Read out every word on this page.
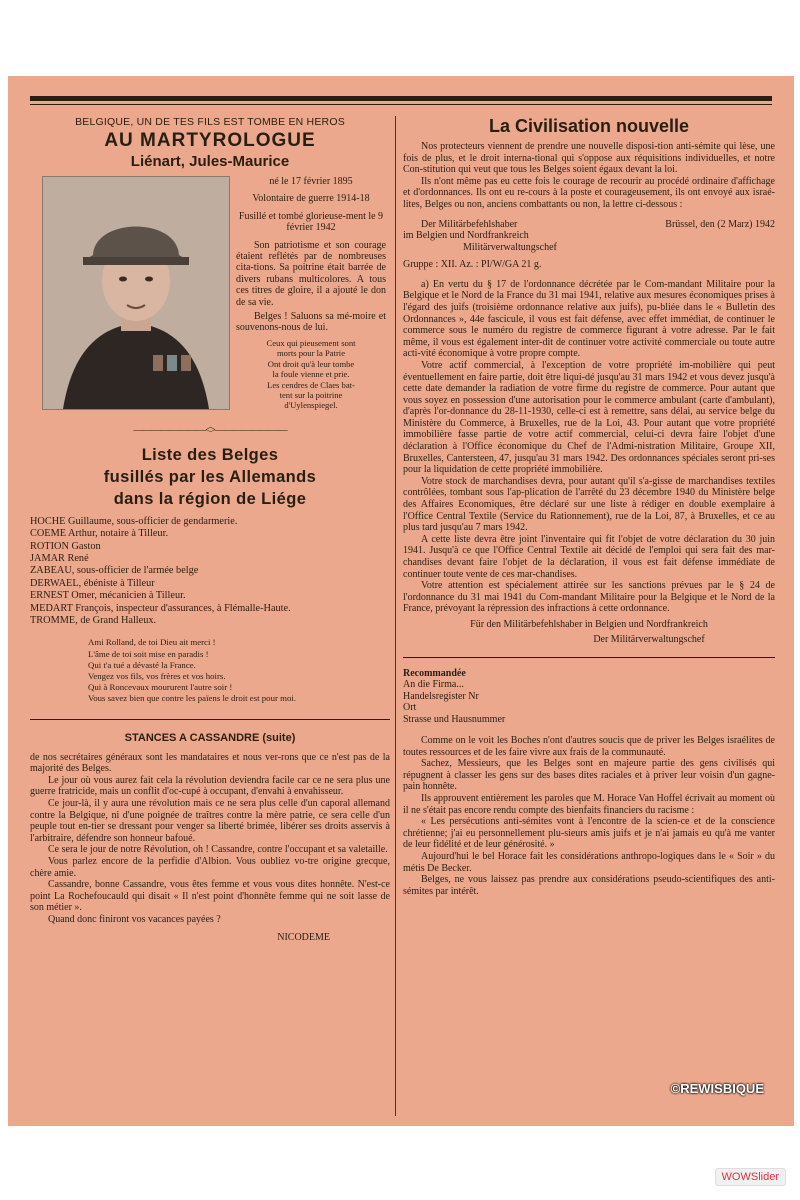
BELGIQUE, UN DE TES FILS EST TOMBE EN HEROS
AU MARTYROLOGUE
Liénart, Jules-Maurice

né le 17 février 1895

Volontaire de guerre 1914-18

Fusillé et tombé glorieuse-ment le 9 février 1942

Son patriotisme et son courage étaient reflétés par de nombreuses cita-tions. Sa poitrine était barrée de divers rubans multicolores. A tous ces titres de gloire, il a ajouté le don de sa vie.

Belges ! Saluons sa mé-moire et souvenons-nous de lui.

Ceux qui pieusement sont
morts pour la Patrie
Ont droit qu'à leur tombe
la foule vienne et prie.
Les cendres de Claes bat-
tent sur la poitrine
d'Uylenspiegel.
————————<>————————
Liste des Belges
fusillés par les Allemands
dans la région de Liége
HOCHE Guillaume, sous-officier de gendarmerie.
COEME Arthur, notaire à Tilleur.
ROTION Gaston
JAMAR René
ZABEAU, sous-officier de l'armée belge
DERWAEL, ébéniste à Tilleur
ERNEST Omer, mécanicien à Tilleur.
MEDART François, inspecteur d'assurances, à Flémalle-Haute.
TROMME, de Grand Halleux.
Ami Rolland, de toi Dieu ait merci !
L'âme de toi soit mise en paradis !
Qui t'a tué a dévasté la France.
Vengez vos fils, vos frères et vos hoirs.
Qui à Roncevaux moururent l'autre soir !
Vous savez bien que contre les païens le droit est pour moi.
STANCES A CASSANDRE (suite)

de nos secrétaires généraux sont les mandataires et nous ver-rons que ce n'est pas de la majorité des Belges.

Le jour où vous aurez fait cela la révolution deviendra facile car ce ne sera plus une guerre fratricide, mais un conflit d'oc-cupé à occupant, d'envahi à envahisseur.

Ce jour-là, il y aura une révolution mais ce ne sera plus celle d'un caporal allemand contre la Belgique, ni d'une poignée de traîtres contre la mère patrie, ce sera celle d'un peuple tout en-tier se dressant pour venger sa liberté brimée, libérer ses droits asservis à l'arbitraire, défendre son honneur bafoué.

Ce sera le jour de notre Révolution, oh ! Cassandre, contre l'occupant et sa valetaille.

Vous parlez encore de la perfidie d'Albion. Vous oubliez vo-tre origine grecque, chère amie.

Cassandre, bonne Cassandre, vous êtes femme et vous vous dites honnête. N'est-ce point La Rochefoucauld qui disait « Il n'est point d'honnête femme qui ne soit lasse de son métier ».

Quand donc finiront vos vacances payées ?

NICODEME
La Civilisation nouvelle

Nos protecteurs viennent de prendre une nouvelle disposi-tion anti-sémite qui lèse, une fois de plus, et le droit interna-tional qui s'oppose aux réquisitions individuelles, et notre Con-stitution qui veut que tous les Belges soient égaux devant la loi.

Ils n'ont même pas eu cette fois le courage de recourir au procédé ordinaire d'affichage et d'ordonnances. Ils ont eu re-cours à la poste et courageusement, ils ont envoyé aux israé-lites, Belges ou non, anciens combattants ou non, la lettre ci-dessous :

Der Militärbefehlshaber	Brüssel, den (2 Marz) 1942
im Belgien und Nordfrankreich
Militärverwaltungschef
Gruppe : XII. Az. : PI/W/GA 21 g.

a) En vertu du § 17 de l'ordonnance décrétée par le Com-mandant Militaire pour la Belgique et le Nord de la France du 31 mai 1941, relative aux mesures économiques prises à l'égard des juifs (troisième ordonnance relative aux juifs), pu-bliée dans le « Bulletin des Ordonnances », 44e fascicule, il vous est fait défense, avec effet immédiat, de continuer le commerce sous le numéro du registre de commerce figurant à votre adresse. Par le fait même, il vous est également inter-dit de continuer votre activité commerciale ou toute autre acti-vité économique à votre propre compte.

Votre actif commercial, à l'exception de votre propriété im-mobilière qui peut éventuellement en faire partie, doit être liqui-dé jusqu'au 31 mars 1942 et vous devez jusqu'à cette date demander la radiation de votre firme du registre de commerce. Pour autant que vous soyez en possession d'une autorisation pour le commerce ambulant (carte d'ambulant), d'après l'or-donnance du 28-11-1930, celle-ci est à remettre, sans délai, au service belge du Ministère du Commerce, à Bruxelles, rue de la Loi, 43. Pour autant que votre propriété immobilière fasse partie de votre actif commercial, celui-ci devra faire l'objet d'une déclaration à l'Office économique du Chef de l'Admi-nistration Militaire, Groupe XII, Bruxelles, Cantersteen, 47, jusqu'au 31 mars 1942. Des ordonnances spéciales seront pri-ses pour la liquidation de cette propriété immobilière.

Votre stock de marchandises devra, pour autant qu'il s'a-gisse de marchandises textiles contrôlées, tombant sous l'ap-plication de l'arrêté du 23 décembre 1940 du Ministère belge des Affaires Economiques, être déclaré sur une liste à rédiger en double exemplaire à l'Office Central Textile (Service du Rationnement), rue de la Loi, 87, à Bruxelles, et ce au plus tard jusqu'au 7 mars 1942.

A cette liste devra être joint l'inventaire qui fit l'objet de votre déclaration du 30 juin 1941. Jusqu'à ce que l'Office Central Textile ait décidé de l'emploi qui sera fait des mar-chandises devant faire l'objet de la déclaration, il vous est fait défense immédiate de continuer toute vente de ces mar-chandises.

Votre attention est spécialement attirée sur les sanctions prévues par le § 24 de l'ordonnance du 31 mai 1941 du Com-mandant Militaire pour la Belgique et le Nord de la France, prévoyant la répression des infractions à cette ordonnance.

Für den Militärbefehlshaber in Belgien und Nordfrankreich
Der Militärverwaltungschef
Recommandée
An die Firma...
Handelsregister Nr
Ort
Strasse und Hausnummer

Comme on le voit les Boches n'ont d'autres soucis que de priver les Belges israélites de toutes ressources et de les faire vivre aux frais de la communauté.

Sachez, Messieurs, que les Belges sont en majeure partie des gens civilisés qui répugnent à classer les gens sur des bases dites raciales et à priver leur voisin d'un gagne-pain honnête.

Ils approuvent entièrement les paroles que M. Horace Van Hoffel écrivait au moment où il ne s'était pas encore rendu compte des bienfaits financiers du racisme :

« Les persécutions anti-sémites vont à l'encontre de la scien-ce et de la conscience chrétienne; j'ai eu personnellement plu-sieurs amis juifs et je n'ai jamais eu qu'à me vanter de leur fidélité et de leur générosité. »

Aujourd'hui le bel Horace fait les considérations anthropo-logiques dans le « Soir » du métis De Becker.

Belges, ne vous laissez pas prendre aux considérations pseudo-scientifiques des anti-sémites par intérêt.

©REWISBIQUE
WOWSlider
